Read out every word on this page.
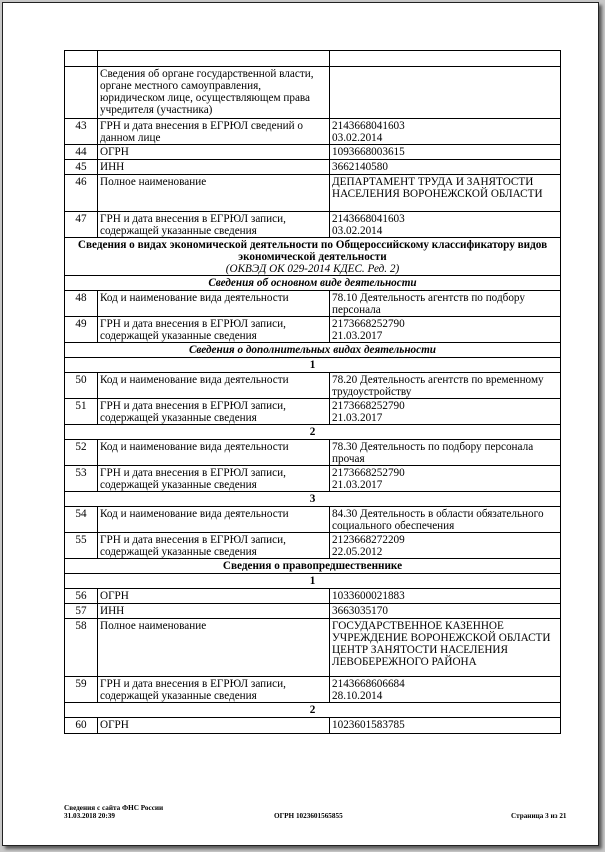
	Сведения об органе государственной власти, органе местного самоуправления, юридическом лице, осуществляющем права учредителя (участника)	
43	ГРН и дата внесения в ЕГРЮЛ сведений о данном лице	2143668041603
03.02.2014
44	ОГРН	1093668003615
45	ИНН	3662140580
46	Полное наименование	ДЕПАРТАМЕНТ ТРУДА И ЗАНЯТОСТИ НАСЕЛЕНИЯ ВОРОНЕЖСКОЙ ОБЛАСТИ
47	ГРН и дата внесения в ЕГРЮЛ записи, содержащей указанные сведения	2143668041603
03.02.2014
Сведения о видах экономической деятельности по Общероссийскому классификатору видов экономической деятельности
(ОКВЭД ОК 029-2014 КДЕС. Ред. 2)		

Сведения об основном виде деятельности		
48	Код и наименование вида деятельности	78.10 Деятельность агентств по подбору персонала
49	ГРН и дата внесения в ЕГРЮЛ записи, содержащей указанные сведения	2173668252790
21.03.2017
Сведения о дополнительных видах деятельности		
1		
50	Код и наименование вида деятельности	78.20 Деятельность агентств по временному трудоустройству
51	ГРН и дата внесения в ЕГРЮЛ записи, содержащей указанные сведения	2173668252790
21.03.2017
2		
52	Код и наименование вида деятельности	78.30 Деятельность по подбору персонала прочая
53	ГРН и дата внесения в ЕГРЮЛ записи, содержащей указанные сведения	2173668252790
21.03.2017
3		
54	Код и наименование вида деятельности	84.30 Деятельность в области обязательного социального обеспечения
55	ГРН и дата внесения в ЕГРЮЛ записи, содержащей указанные сведения	2123668272209
22.05.2012
Сведения о правопредшественнике		
1		
56	ОГРН	1033600021883
57	ИНН	3663035170
58	Полное наименование	ГОСУДАРСТВЕННОЕ КАЗЕННОЕ УЧРЕЖДЕНИЕ ВОРОНЕЖСКОЙ ОБЛАСТИ ЦЕНТР ЗАНЯТОСТИ НАСЕЛЕНИЯ ЛЕВОБЕРЕЖНОГО РАЙОНА
59	ГРН и дата внесения в ЕГРЮЛ записи, содержащей указанные сведения	2143668606684
28.10.2014
2		
60	ОГРН	1023601583785
Сведения с сайта ФНС России
31.03.2018 20:39	ОГРН 1023601565855	Страница 3 из 21
